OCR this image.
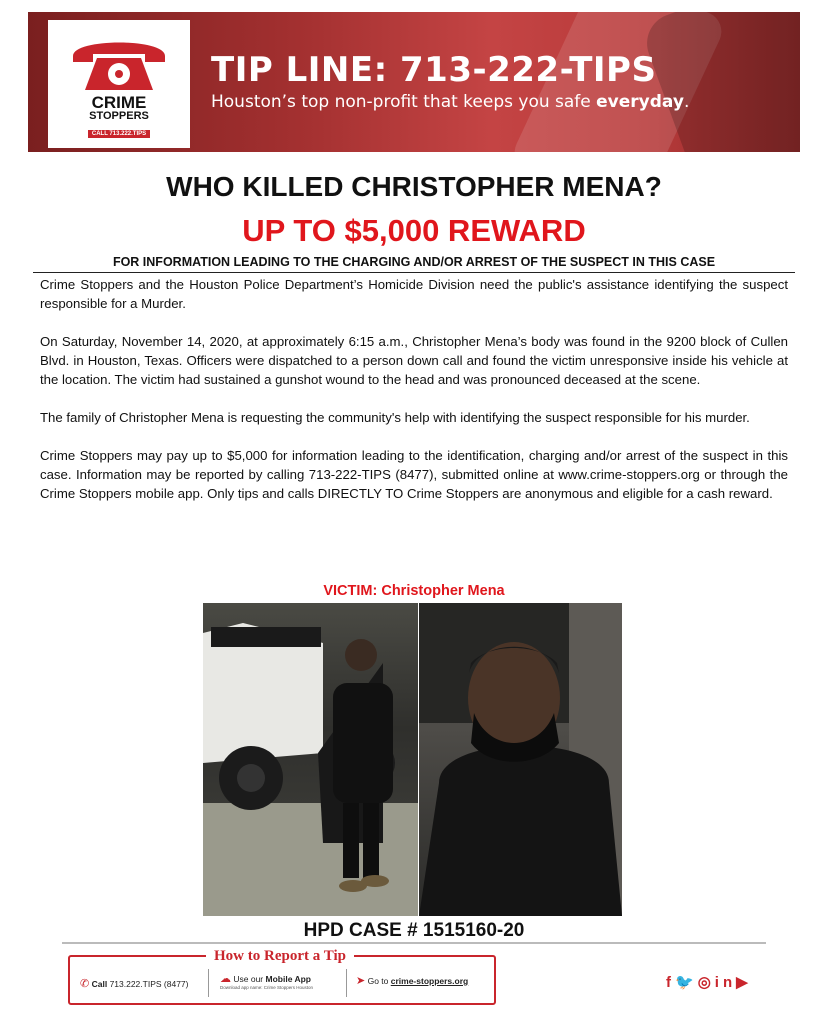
CRIME
STOPPERS
CALL 713.222.TIPS
TIP LINE: 713-222-TIPS
Houston’s top non-profit that keeps you safe everyday.
WHO KILLED CHRISTOPHER MENA?
UP TO $5,000 REWARD
FOR INFORMATION LEADING TO THE CHARGING AND/OR ARREST OF THE SUSPECT IN THIS CASE

Crime Stoppers and the Houston Police Department’s Homicide Division need the public's assistance identifying the suspect responsible for a Murder.

On Saturday, November 14, 2020, at approximately 6:15 a.m., Christopher Mena’s body was found in the 9200 block of Cullen Blvd. in Houston, Texas. Officers were dispatched to a person down call and found the victim unresponsive inside his vehicle at the location. The victim had sustained a gunshot wound to the head and was pronounced deceased at the scene.

The family of Christopher Mena is requesting the community's help with identifying the suspect responsible for his murder.

Crime Stoppers may pay up to $5,000 for information leading to the identification, charging and/or arrest of the suspect in this case. Information may be reported by calling 713-222-TIPS (8477), submitted online at www.crime-stoppers.org or through the Crime Stoppers mobile app. Only tips and calls DIRECTLY TO Crime Stoppers are anonymous and eligible for a cash reward.

VICTIM: Christopher Mena
HPD CASE # 1515160-20
✆ Call 713.222.TIPS (8477)	☁ Use our Mobile App
Download app name: Crime Stoppers Houston
➤ Go to crime-stoppers.org
How to Report a Tip
f🐦◎in▶
